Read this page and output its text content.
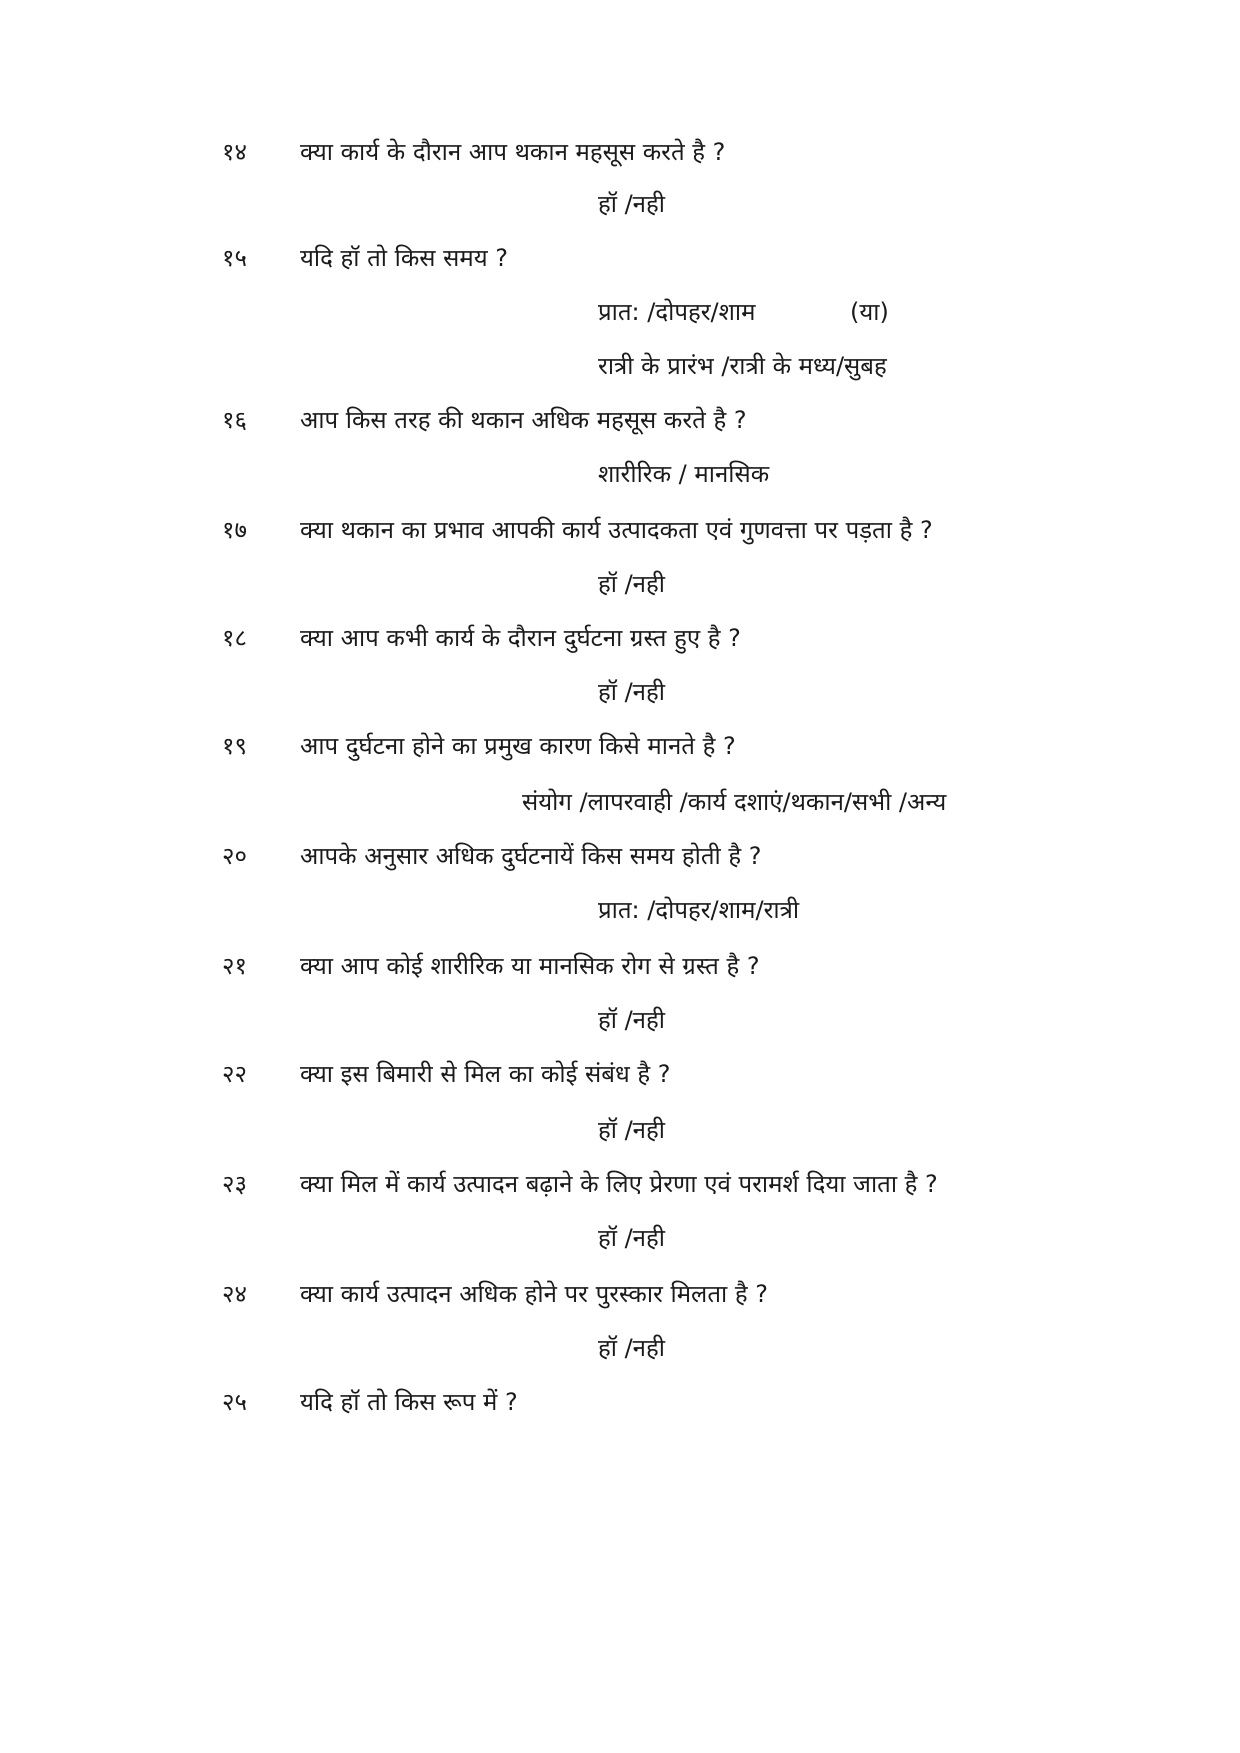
१४ क्या कार्य के दौरान आप थकान महसूस करते है ?
हॉ /नही
१५ यदि हॉ तो किस समय ?
प्रात: /दोपहर/शाम	(या)
रात्री के प्रारंभ /रात्री के मध्य/सुबह
१६ आप किस तरह की थकान अधिक महसूस करते है ?
शारीरिक / मानसिक
१७ क्या थकान का प्रभाव आपकी कार्य उत्पादकता एवं गुणवत्ता पर पड़ता है ?
हॉ /नही
१८ क्या आप कभी कार्य के दौरान दुर्घटना ग्रस्त हुए है ?
हॉ /नही
१९ आप दुर्घटना होने का प्रमुख कारण किसे मानते है ?
संयोग /लापरवाही /कार्य दशाएं/थकान/सभी /अन्य
२० आपके अनुसार अधिक दुर्घटनायें किस समय होती है ?
प्रात: /दोपहर/शाम/रात्री
२१ क्या आप कोई शारीरिक या मानसिक रोग से ग्रस्त है ?
हॉ /नही
२२ क्या इस बिमारी से मिल का कोई संबंध है ?
हॉ /नही
२३ क्या मिल में कार्य उत्पादन बढ़ाने के लिए प्रेरणा एवं परामर्श दिया जाता है ?
हॉ /नही
२४ क्या कार्य उत्पादन अधिक होने पर पुरस्कार मिलता है ?
हॉ /नही
२५ यदि हॉ तो किस रूप में ?
